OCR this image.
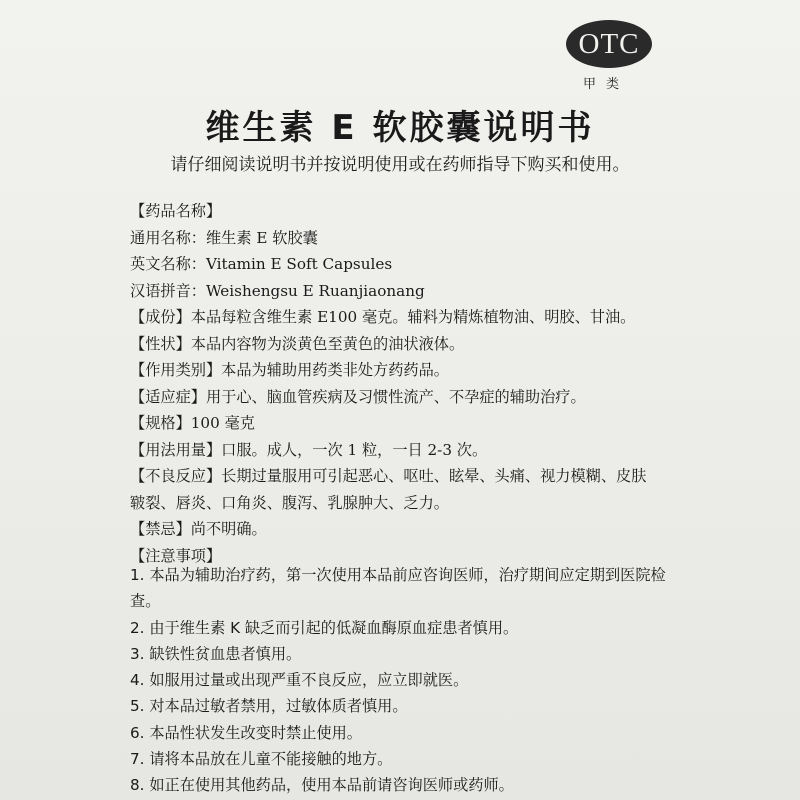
OTC
甲类
维生素 E 软胶囊说明书
请仔细阅读说明书并按说明使用或在药师指导下购买和使用。
【药品名称】
通用名称：维生素 E 软胶囊
英文名称：Vitamin E Soft Capsules
汉语拼音：Weishengsu E Ruanjiaonang
【成份】本品每粒含维生素 E100 毫克。辅料为精炼植物油、明胶、甘油。
【性状】本品内容物为淡黄色至黄色的油状液体。
【作用类别】本品为辅助用药类非处方药药品。
【适应症】用于心、脑血管疾病及习惯性流产、不孕症的辅助治疗。
【规格】100 毫克
【用法用量】口服。成人，一次 1 粒，一日 2-3 次。
【不良反应】长期过量服用可引起恶心、呕吐、眩晕、头痛、视力模糊、皮肤皲裂、唇炎、口角炎、腹泻、乳腺肿大、乏力。
【禁忌】尚不明确。
【注意事项】
1. 本品为辅助治疗药，第一次使用本品前应咨询医师，治疗期间应定期到医院检查。
2. 由于维生素 K 缺乏而引起的低凝血酶原血症患者慎用。
3. 缺铁性贫血患者慎用。
4. 如服用过量或出现严重不良反应，应立即就医。
5. 对本品过敏者禁用，过敏体质者慎用。
6. 本品性状发生改变时禁止使用。
7. 请将本品放在儿童不能接触的地方。
8. 如正在使用其他药品，使用本品前请咨询医师或药师。
